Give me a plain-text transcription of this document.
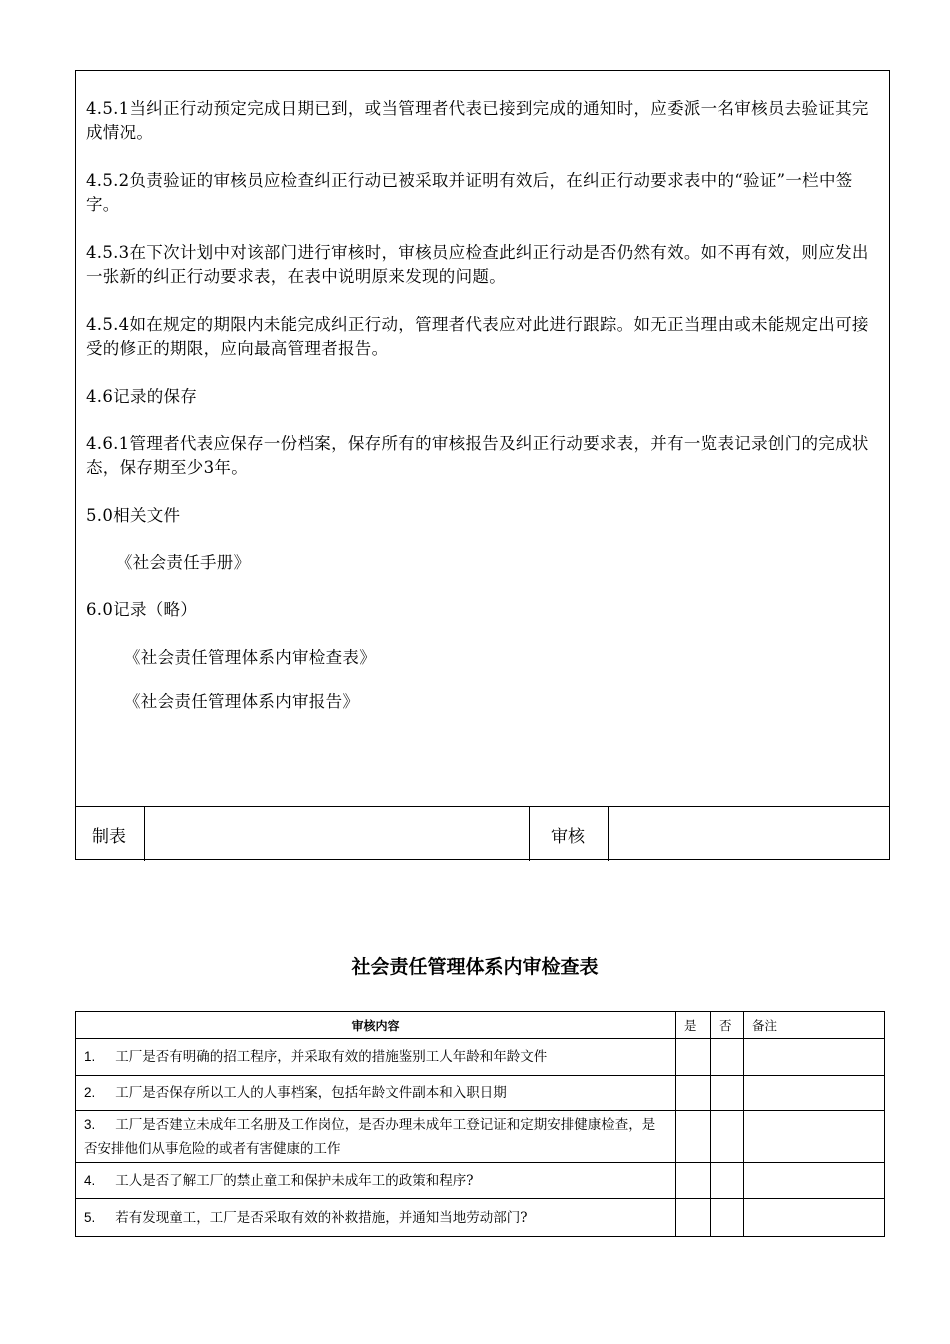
4.5.1当纠正行动预定完成日期已到，或当管理者代表已接到完成的通知时，应委派一名审核员去验证其完成情况。
4.5.2负责验证的审核员应检查纠正行动已被采取并证明有效后，在纠正行动要求表中的“验证”一栏中签字。
4.5.3在下次计划中对该部门进行审核时，审核员应检查此纠正行动是否仍然有效。如不再有效，则应发出一张新的纠正行动要求表，在表中说明原来发现的问题。
4.5.4如在规定的期限内未能完成纠正行动，管理者代表应对此进行跟踪。如无正当理由或未能规定出可接受的修正的期限，应向最高管理者报告。
4.6记录的保存
4.6.1管理者代表应保存一份档案，保存所有的审核报告及纠正行动要求表，并有一览表记录创门的完成状态，保存期至少3年。
5.0相关文件
《社会责任手册》
6.0记录（略）
《社会责任管理体系内审检查表》
《社会责任管理体系内审报告》
制表	审核
社会责任管理体系内审检查表
审核内容	是	否	备注
1. 工厂是否有明确的招工程序，并采取有效的措施鉴别工人年龄和年龄文件			
2. 工厂是否保存所以工人的人事档案，包括年龄文件副本和入职日期			
3. 工厂是否建立未成年工名册及工作岗位，是否办理未成年工登记证和定期安排健康检查，是否安排他们从事危险的或者有害健康的工作			
4. 工人是否了解工厂的禁止童工和保护未成年工的政策和程序?			
5. 若有发现童工，工厂是否采取有效的补救措施，并通知当地劳动部门?			
